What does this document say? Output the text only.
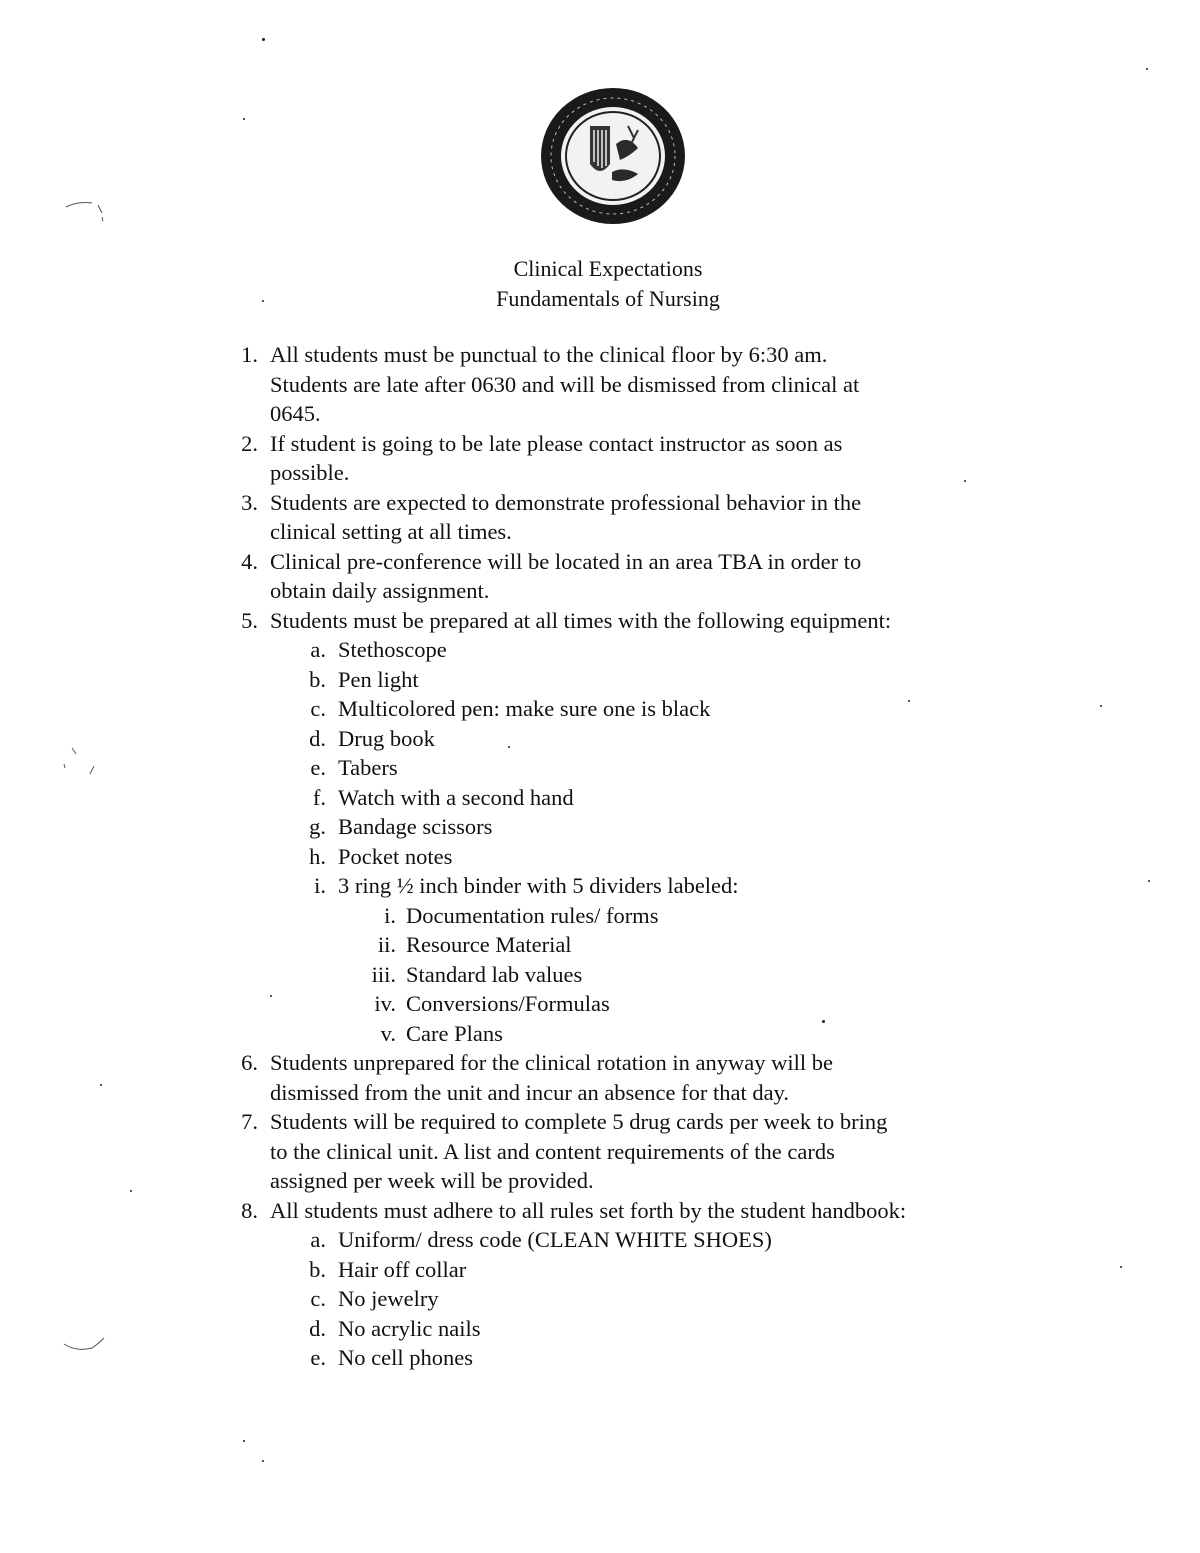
Clinical Expectations
Fundamentals of Nursing
1. All students must be punctual to the clinical floor by 6:30 am.
Students are late after 0630 and will be dismissed from clinical at
0645.
2. If student is going to be late please contact instructor as soon as
possible.
3. Students are expected to demonstrate professional behavior in the
clinical setting at all times.
4. Clinical pre-conference will be located in an area TBA in order to
obtain daily assignment.
5. Students must be prepared at all times with the following equipment:
a. Stethoscope
b. Pen light
c. Multicolored pen: make sure one is black
d. Drug book
e. Tabers
f. Watch with a second hand
g. Bandage scissors
h. Pocket notes
i. 3 ring ½ inch binder with 5 dividers labeled:
i. Documentation rules/ forms
ii. Resource Material
iii. Standard lab values
iv. Conversions/Formulas
v. Care Plans
6. Students unprepared for the clinical rotation in anyway will be
dismissed from the unit and incur an absence for that day.
7. Students will be required to complete 5 drug cards per week to bring
to the clinical unit. A list and content requirements of the cards
assigned per week will be provided.
8. All students must adhere to all rules set forth by the student handbook:
a. Uniform/ dress code (CLEAN WHITE SHOES)
b. Hair off collar
c. No jewelry
d. No acrylic nails
e. No cell phones
